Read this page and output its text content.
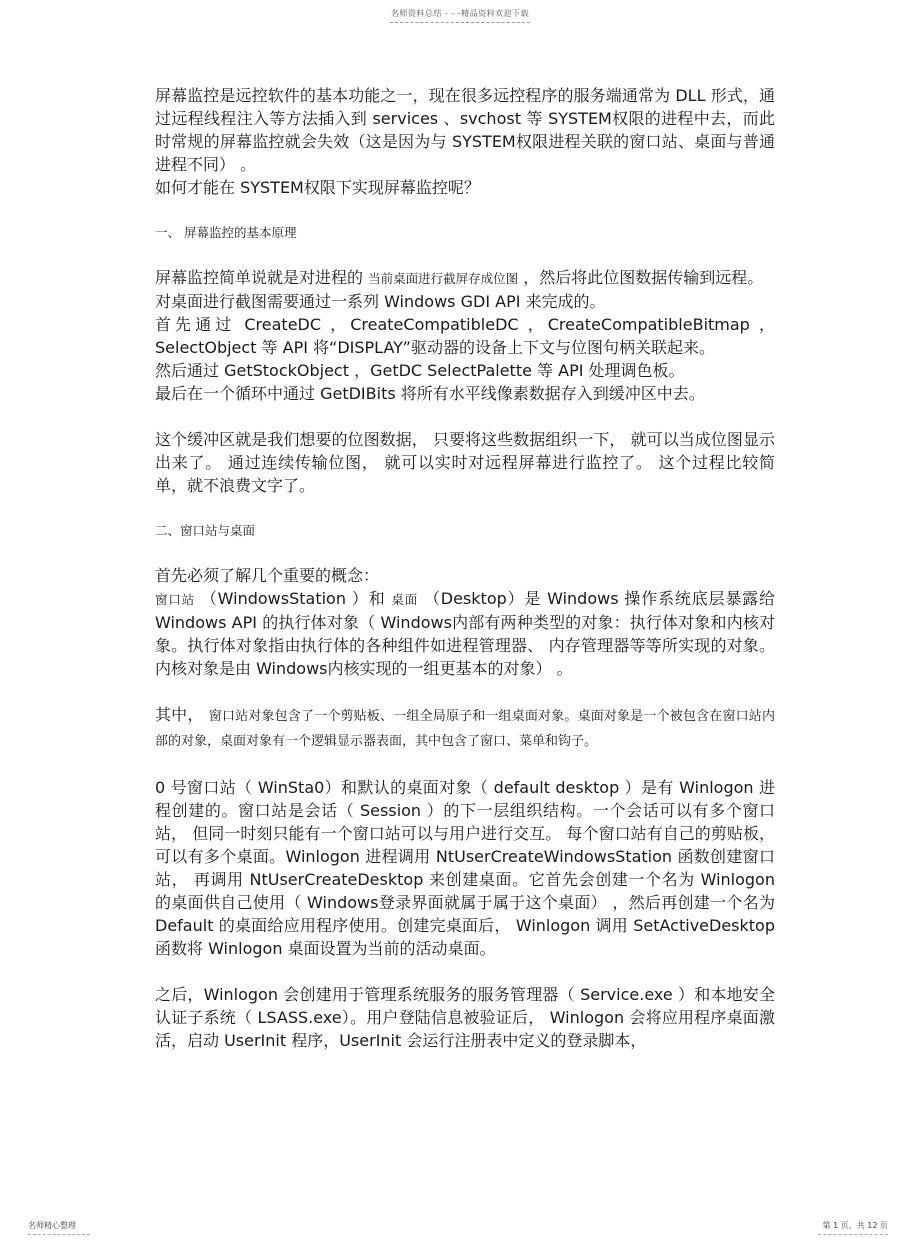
名师资料总结 - - -精品资料欢迎下载

屏幕监控是远控软件的基本功能之一，现在很多远控程序的服务端通常为 DLL 形式，通过远程线程注入等方法插入到 services 、svchost 等 SYSTEM权限的进程中去，而此时常规的屏幕监控就会失效（这是因为与 SYSTEM权限进程关联的窗口站、桌面与普通进程不同） 。

如何才能在 SYSTEM权限下实现屏幕监控呢？

一、 屏幕监控的基本原理

屏幕监控简单说就是对进程的 当前桌面进行截屏存成位图 ，然后将此位图数据传输到远程。

对桌面进行截图需要通过一系列 Windows GDI API 来完成的。

首先通过 CreateDC ，CreateCompatibleDC ，CreateCompatibleBitmap ，SelectObject 等 API 将“DISPLAY”驱动器的设备上下文与位图句柄关联起来。

然后通过 GetStockObject ，GetDC SelectPalette 等 API 处理调色板。

最后在一个循环中通过 GetDIBits 将所有水平线像素数据存入到缓冲区中去。

这个缓冲区就是我们想要的位图数据， 只要将这些数据组织一下， 就可以当成位图显示出来了。 通过连续传输位图， 就可以实时对远程屏幕进行监控了。 这个过程比较简单，就不浪费文字了。

二、窗口站与桌面

首先必须了解几个重要的概念：

窗口站 （WindowsStation ）和 桌面 （Desktop）是 Windows 操作系统底层暴露给 Windows API 的执行体对象（ Windows内部有两种类型的对象：执行体对象和内核对象。执行体对象指由执行体的各种组件如进程管理器、 内存管理器等等所实现的对象。内核对象是由 Windows内核实现的一组更基本的对象） 。

其中， 窗口站对象包含了一个剪贴板、一组全局原子和一组桌面对象。桌面对象是一个被包含在窗口站内部的对象，桌面对象有一个逻辑显示器表面，其中包含了窗口、菜单和钩子。

0 号窗口站（ WinSta0）和默认的桌面对象（ default desktop ）是有 Winlogon 进程创建的。窗口站是会话（ Session ）的下一层组织结构。一个会话可以有多个窗口站， 但同一时刻只能有一个窗口站可以与用户进行交互。 每个窗口站有自己的剪贴板，可以有多个桌面。Winlogon 进程调用 NtUserCreateWindowsStation 函数创建窗口站， 再调用 NtUserCreateDesktop 来创建桌面。它首先会创建一个名为 Winlogon 的桌面供自己使用（ Windows登录界面就属于属于这个桌面） ，然后再创建一个名为 Default 的桌面给应用程序使用。创建完桌面后， Winlogon 调用 SetActiveDesktop 函数将 Winlogon 桌面设置为当前的活动桌面。

之后，Winlogon 会创建用于管理系统服务的服务管理器（ Service.exe ）和本地安全认证子系统（ LSASS.exe）。用户登陆信息被验证后， Winlogon 会将应用程序桌面激活，启动 UserInit 程序，UserInit 会运行注册表中定义的登录脚本，

名师精心整理	第 1 页，共 12 页
